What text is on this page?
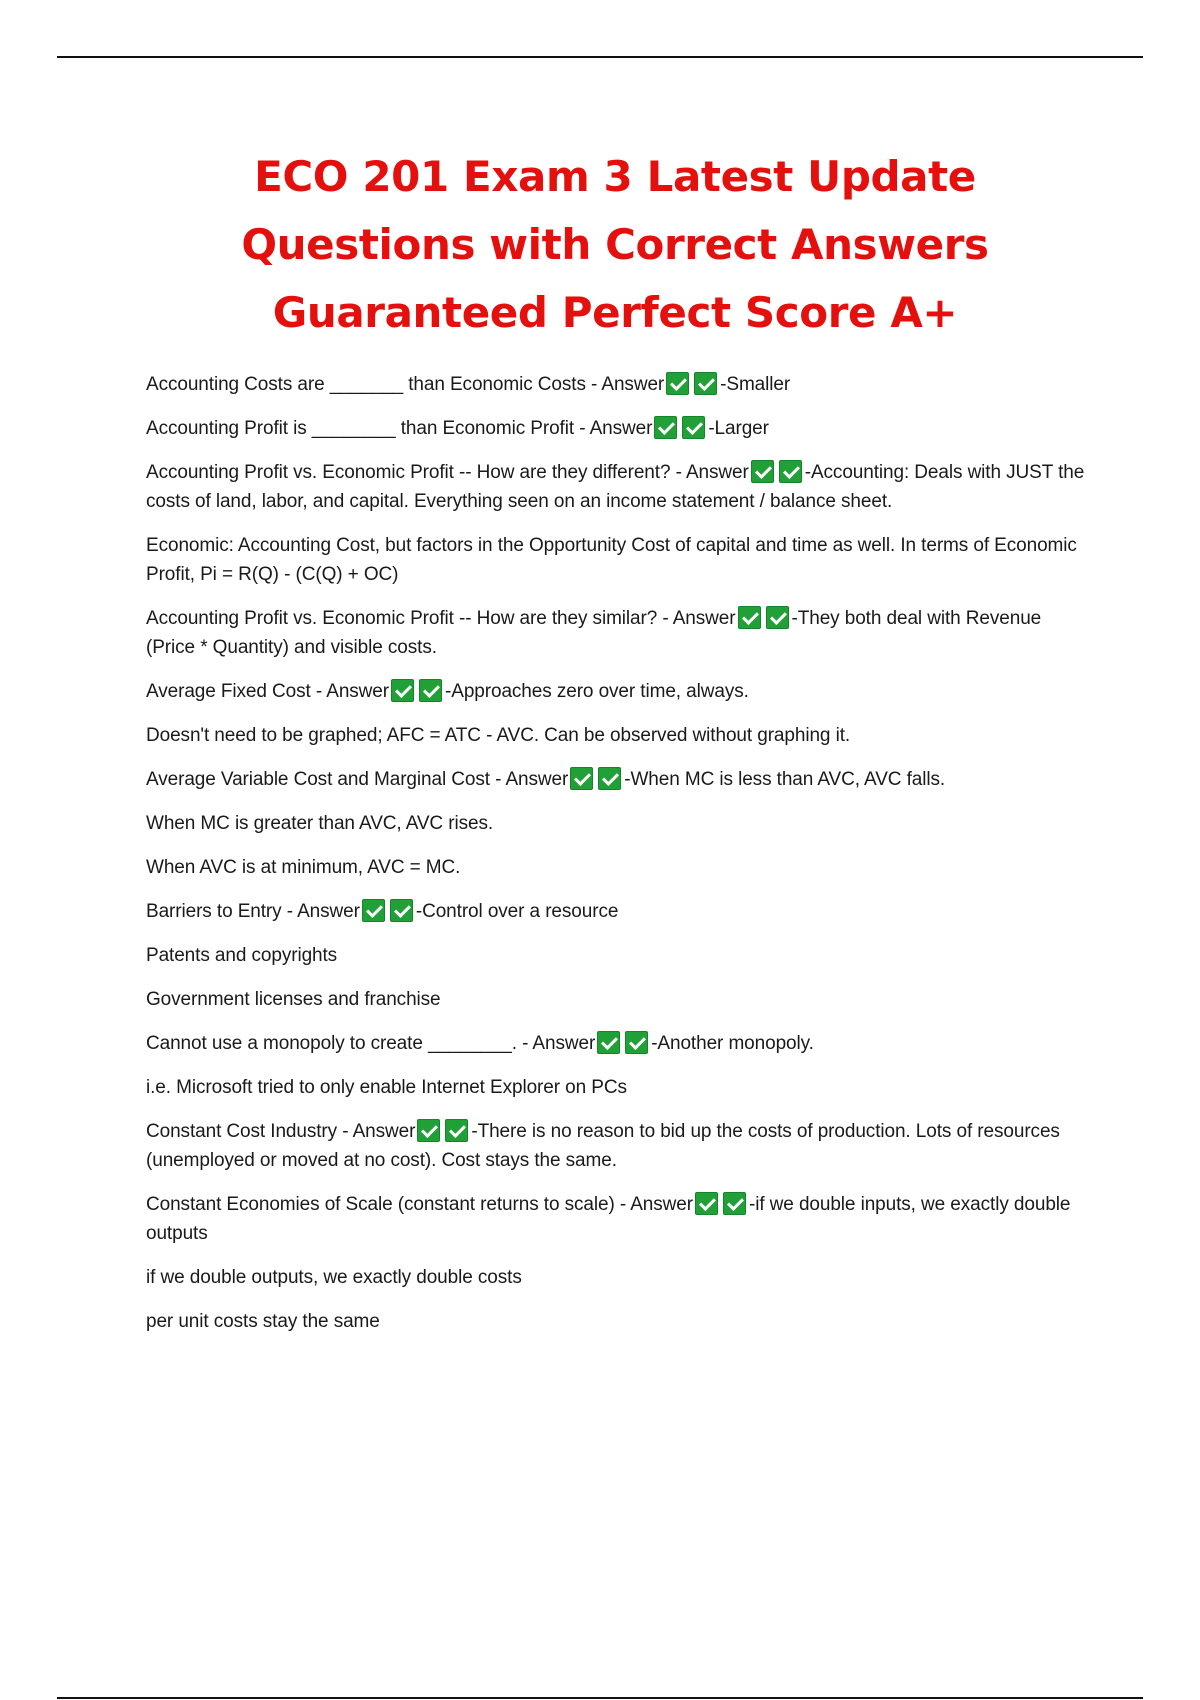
ECO 201 Exam 3 Latest Update Questions with Correct Answers Guaranteed Perfect Score A+

Accounting Costs are _______ than Economic Costs - Answer	-Smaller

Accounting Profit is ________ than Economic Profit - Answer	-Larger

Accounting Profit vs. Economic Profit -- How are they different? - Answer	-Accounting: Deals with JUST the costs of land, labor, and capital. Everything seen on an income statement / balance sheet.

Economic: Accounting Cost, but factors in the Opportunity Cost of capital and time as well. In terms of Economic Profit, Pi = R(Q) - (C(Q) + OC)

Accounting Profit vs. Economic Profit -- How are they similar? - Answer	-They both deal with Revenue (Price * Quantity) and visible costs.

Average Fixed Cost - Answer	-Approaches zero over time, always.

Doesn't need to be graphed; AFC = ATC - AVC. Can be observed without graphing it.

Average Variable Cost and Marginal Cost - Answer	-When MC is less than AVC, AVC falls.

When MC is greater than AVC, AVC rises.

When AVC is at minimum, AVC = MC.

Barriers to Entry - Answer	-Control over a resource

Patents and copyrights

Government licenses and franchise

Cannot use a monopoly to create ________. - Answer	-Another monopoly.

i.e. Microsoft tried to only enable Internet Explorer on PCs

Constant Cost Industry - Answer	-There is no reason to bid up the costs of production. Lots of resources (unemployed or moved at no cost). Cost stays the same.

Constant Economies of Scale (constant returns to scale) - Answer	-if we double inputs, we exactly double outputs

if we double outputs, we exactly double costs

per unit costs stay the same
